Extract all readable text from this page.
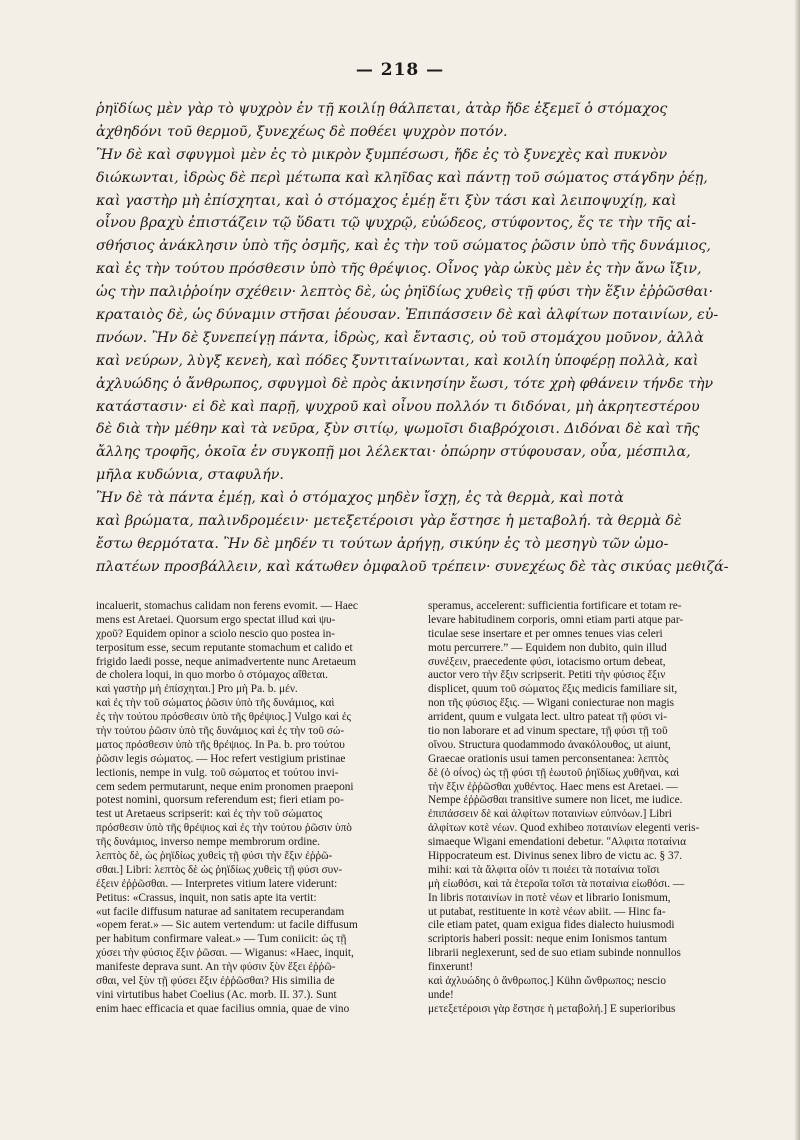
— 218 —
ῥηϊδίως μὲν γὰρ τὸ ψυχρὸν ἐν τῇ κοιλίῃ θάλπεται, ἀτὰρ ἤδε ἐξεμεῖ ὁ στόμαχος
ἀχθηδόνι τοῦ θερμοῦ, ξυνεχέως δὲ ποθέει ψυχρὸν ποτόν.
Ἢν δὲ καὶ σφυγμοὶ μὲν ἐς τὸ μικρὸν ξυμπέσωσι, ἤδε ἐς τὸ ξυνεχὲς καὶ πυκνὸν
διώκωνται, ἱδρὼς δὲ περὶ μέτωπα καὶ κληῖδας καὶ πάντῃ τοῦ σώματος στάγδην ῥέῃ,
καὶ γαστὴρ μὴ ἐπίσχηται, καὶ ὁ στόμαχος ἐμέῃ ἔτι ξὺν τάσι καὶ λειποψυχίῃ, καὶ
οἶνου βραχὺ ἐπιστάζειν τῷ ὕδατι τῷ ψυχρῷ, εὐώδεος, στύφοντος, ἔς τε τὴν τῆς αἰ-
σθήσιος ἀνάκλησιν ὑπὸ τῆς ὀσμῆς, καὶ ἐς τὴν τοῦ σώματος ῥῶσιν ὑπὸ τῆς δυνάμιος,
καὶ ἐς τὴν τούτου πρόσθεσιν ὑπὸ τῆς θρέψιος. Οἶνος γὰρ ὠκὺς μὲν ἐς τὴν ἄνω ἴξιν,
ὡς τὴν παλιῤῥοίην σχέθειν· λεπτὸς δὲ, ὡς ῥηϊδίως χυθεὶς τῇ φύσι τὴν ἕξιν ἐῤῥῶσθαι·
κραταιὸς δὲ, ὡς δύναμιν στῆσαι ῥέουσαν. Ἐπιπάσσειν δὲ καὶ ἀλφίτων ποταινίων, εὐ-
πνόων. Ἢν δὲ ξυνεπείγῃ πάντα, ἱδρὼς, καὶ ἔντασις, οὐ τοῦ στομάχου μοῦνον, ἀλλὰ
καὶ νεύρων, λὺγξ κενεὴ, καὶ πόδες ξυντιταίνωνται, καὶ κοιλίη ὑποφέρῃ πολλὰ, καὶ
ἀχλυώδης ὁ ἄνθρωπος, σφυγμοὶ δὲ πρὸς ἀκινησίην ἔωσι, τότε χρὴ φθάνειν τήνδε τὴν
κατάστασιν· εἰ δὲ καὶ παρῇ, ψυχροῦ καὶ οἶνου πολλόν τι διδόναι, μὴ ἀκρητεστέρου
δὲ διὰ τὴν μέθην καὶ τὰ νεῦρα, ξὺν σιτίῳ, ψωμοῖσι διαβρόχοισι. Διδόναι δὲ καὶ τῆς
ἄλλης τροφῆς, ὁκοῖα ἐν συγκοπῇ μοι λέλεκται· ὀπώρην στύφουσαν, οὖα, μέσπιλα,
μῆλα κυδώνια, σταφυλήν.
Ἢν δὲ τὰ πάντα ἐμέῃ, καὶ ὁ στόμαχος μηδὲν ἴσχῃ, ἐς τὰ θερμὰ, καὶ ποτὰ
καὶ βρώματα, παλινδρομέειν· μετεξετέροισι γὰρ ἔστησε ἡ μεταβολή. τὰ θερμὰ δὲ
ἔστω θερμότατα. Ἢν δὲ μηδέν τι τούτων ἀρήγῃ, σικύην ἐς τὸ μεσηγὺ τῶν ὠμο-
πλατέων προσβάλλειν, καὶ κάτωθεν ὀμφαλοῦ τρέπειν· συνεχέως δὲ τὰς σικύας μεθιζά-
incaluerit, stomachus calidam non ferens evomit. — Haec
mens est Aretaei. Quorsum ergo spectat illud καὶ ψυ-
χροῦ? Equidem opinor a sciolo nescio quo postea in-
terpositum esse, secum reputante stomachum et calido et
frigido laedi posse, neque animadvertente nunc Aretaeum
de cholera loqui, in quo morbo ὁ στόμαχος αἴθεται.
καὶ γαστὴρ μὴ ἐπίσχηται.] Pro μὴ Pa. b. μέν.
καὶ ἐς τὴν τοῦ σώματος ῥῶσιν ὑπὸ τῆς δυνάμιος, καὶ
ἐς τὴν τούτου πρόσθεσιν ὑπὸ τῆς θρέψιος.] Vulgo καὶ ἐς
τὴν τούτου ῥῶσιν ὑπὸ τῆς δυνάμιος καὶ ἐς τὴν τοῦ σώ-
ματος πρόσθεσιν ὑπὸ τῆς θρέψιος. In Pa. b. pro τούτου
ῥῶσιν legis σώματος. — Hoc refert vestigium pristinae
lectionis, nempe in vulg. τοῦ σώματος et τούτου invi-
cem sedem permutarunt, neque enim pronomen praeponi
potest nomini, quorsum referendum est; fieri etiam po-
test ut Aretaeus scripserit: καὶ ἐς τὴν τοῦ σώματος
πρόσθεσιν ὑπὸ τῆς θρέψιος καὶ ἐς τὴν τούτου ῥῶσιν ὑπὸ
τῆς δυνάμιος, inverso nempe membrorum ordine.
λεπτὸς δὲ, ὡς ῥηϊδίως χυθεὶς τῇ φύσι τὴν ἕξιν ἐῤῥῶ-
σθαι.] Libri: λεπτὸς δὲ ὡς ῥηϊδίως χυθεὶς τῇ φύσι συν-
έξειν ἐῤῥῶσθαι. — Interpretes vitium latere viderunt:
Petitus: «Crassus, inquit, non satis apte ita vertit:
«ut facile diffusum naturae ad sanitatem recuperandam
«opem ferat.» — Sic autem vertendum: ut facile diffusum
per habitum confirmare valeat.» — Tum coniicit: ὡς τῇ
χύσει τὴν φύσιος ἕξιν ῥῶσαι. — Wiganus: «Haec, inquit,
manifeste deprava sunt. An τὴν φύσιν ξὺν ἕξει ἐῤῥῶ-
σθαι, vel ξὺν τῇ φύσει ἕξιν ἐῤῥῶσθαι? His similia de
vini virtutibus habet Coelius (Ac. morb. II. 37.). Sunt
enim haec efficacia et quae facilius omnia, quae de vino
speramus, accelerent: sufficientia fortificare et totam re-
levare habitudinem corporis, omni etiam parti atque par-
ticulae sese insertare et per omnes tenues vias celeri
motu percurrere.” — Equidem non dubito, quin illud
συνέξειν, praecedente φύσι, iotacismo ortum debeat,
auctor vero τὴν ἕξιν scripserit. Petiti τὴν φύσιος ἕξιν
displicet, quum τοῦ σώματος ἕξις medicis familiare sit,
non τῆς φύσιος ἕξις. — Wigani coniecturae non magis
arrident, quum e vulgata lect. ultro pateat τῇ φύσι vi-
tio non laborare et ad vinum spectare, τῇ φύσι τῇ τοῦ
οἴνου. Structura quodammodo ἀνακόλουθος, ut aiunt,
Graecae orationis usui tamen perconsentanea: λεπτὸς
δὲ (ὁ οἶνος) ὡς τῇ φύσι τῇ ἑωυτοῦ ῥηϊδίως χυθῆναι, καὶ
τὴν ἕξιν ἐῤῥῶσθαι χυθέντος. Haec mens est Aretaei. —
Nempe ἐῤῥῶσθαι transitive sumere non licet, me iudice.
ἐπιπάσσειν δὲ καὶ ἀλφίτων ποταινίων εὐπνόων.] Libri
ἀλφίτων κοτὲ νέων. Quod exhibeo ποταινίων elegenti veris-
simaeque Wigani emendationi debetur. ʺΑλφιτα ποταίνια
Hippocrateum est. Divinus senex libro de victu ac. § 37.
mihi: καὶ τὰ ἄλφιτα οἷόν τι ποιέει τὰ ποταίνια τοῖσι
μὴ εἰωθόσι, καὶ τὰ ἑτεροῖα τοῖσι τὰ ποταίνια εἰωθόσι. —
In libris ποταινίων in ποτὲ νέων et librario Ionismum,
ut putabat, restituente in κοτὲ νέων abiit. — Hinc fa-
cile etiam patet, quam exigua fides dialecto huiusmodi
scriptoris haberi possit: neque enim Ionismos tantum
librarii neglexerunt, sed de suo etiam subinde nonnullos
finxerunt!
καὶ ἀχλυώδης ὁ ἄνθρωπος.] Kühn ὤνθρωπος; nescio
unde!
μετεξετέροισι γὰρ ἔστησε ἡ μεταβολή.] E superioribus
